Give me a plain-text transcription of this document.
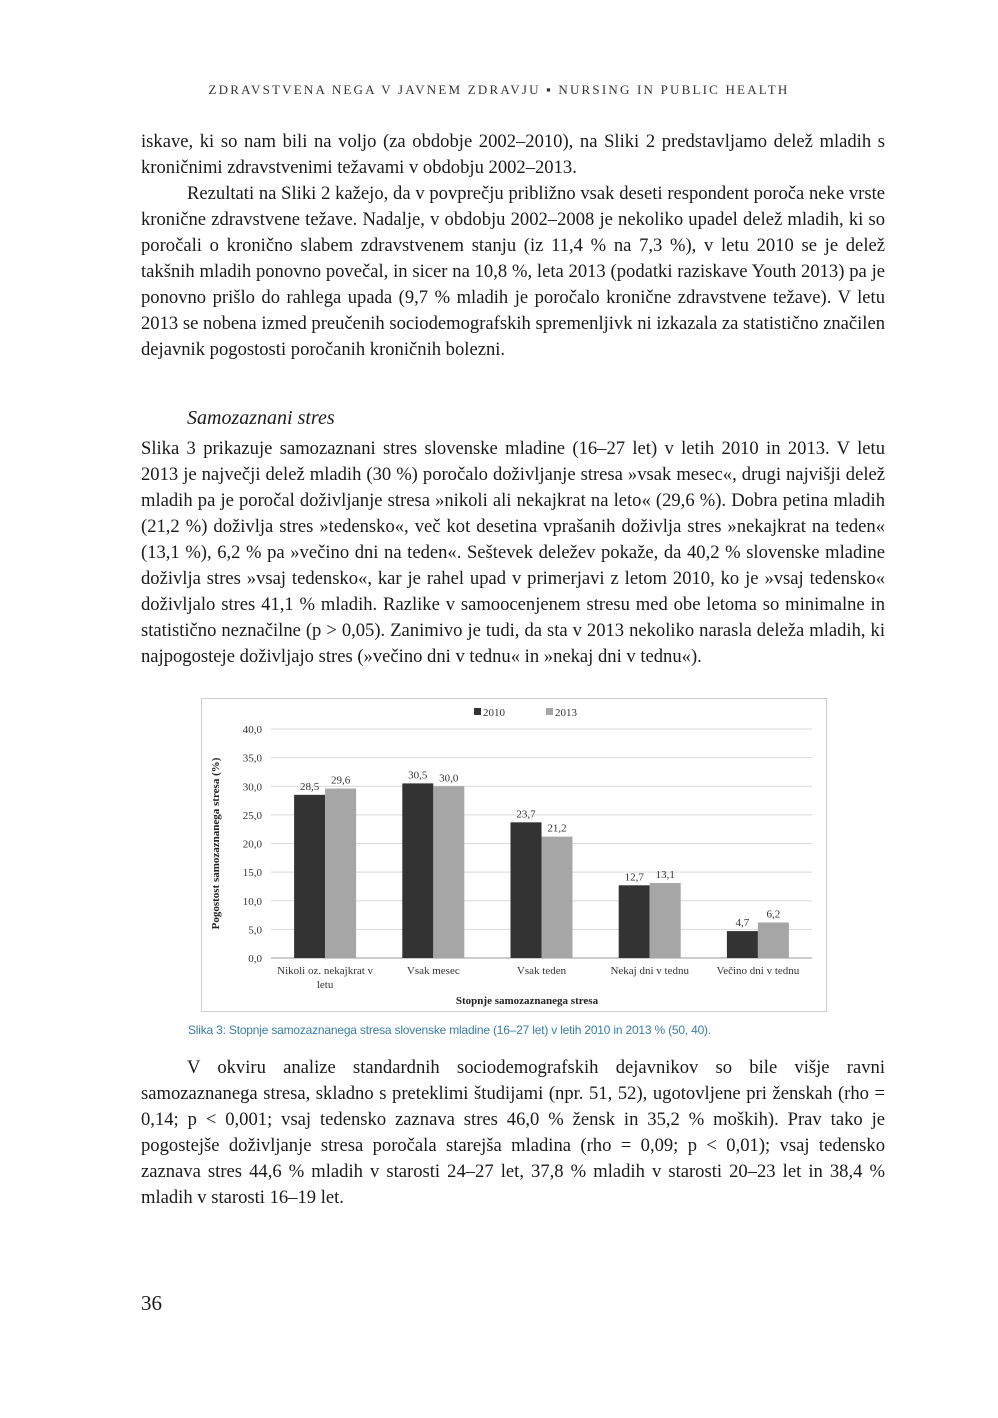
ZDRAVSTVENA NEGA V JAVNEM ZDRAVJU ▪ NURSING IN PUBLIC HEALTH

iskave, ki so nam bili na voljo (za obdobje 2002–2010), na Sliki 2 predstavljamo delež mladih s kroničnimi zdravstvenimi težavami v obdobju 2002–2013.

Rezultati na Sliki 2 kažejo, da v povprečju približno vsak deseti respondent poroča neke vrste kronične zdravstvene težave. Nadalje, v obdobju 2002–2008 je nekoliko upadel delež mladih, ki so poročali o kronično slabem zdravstvenem stanju (iz 11,4 % na 7,3 %), v letu 2010 se je delež takšnih mladih ponovno povečal, in sicer na 10,8 %, leta 2013 (podatki raziskave Youth 2013) pa je ponovno prišlo do rahlega upada (9,7 % mladih je poročalo kronične zdravstvene težave). V letu 2013 se nobena izmed preučenih sociodemografskih spremenljivk ni izkazala za statistično značilen dejavnik pogostosti poročanih kroničnih bolezni.

Samozaznani stres

Slika 3 prikazuje samozaznani stres slovenske mladine (16–27 let) v letih 2010 in 2013. V letu 2013 je največji delež mladih (30 %) poročalo doživljanje stresa »vsak mesec«, drugi najvišji delež mladih pa je poročal doživljanje stresa »nikoli ali nekajkrat na leto« (29,6 %). Dobra petina mladih (21,2 %) doživlja stres »tedensko«, več kot desetina vprašanih doživlja stres »nekajkrat na teden« (13,1 %), 6,2 % pa »večino dni na teden«. Seštevek deležev pokaže, da 40,2 % slovenske mladine doživlja stres »vsaj tedensko«, kar je rahel upad v primerjavi z letom 2010, ko je »vsaj tedensko« doživljalo stres 41,1 % mladih. Razlike v samoocenjenem stresu med obe letoma so minimalne in statistično neznačilne (p > 0,05). Zanimivo je tudi, da sta v 2013 nekoliko narasla deleža mladih, ki najpogosteje doživljajo stres (»večino dni v tednu« in »nekaj dni v tednu«).

0,0
5,0
10,0
15,0
20,0
25,0
30,0
35,0
40,0
28,5
29,6
Nikoli oz. nekajkrat v
letu
30,5 30,0
Vsak mesec
23,7
21,2
Vsak teden
12,7 13,1
Nekaj dni v tednu
4,7
6,2
Večino dni v tednu
Stopnje samozaznanega stresa
Pogostost samozaznanega stresa (%)
2010	2013

Slika 3: Stopnje samozaznanega stresa slovenske mladine (16–27 let) v letih 2010 in 2013 % (50, 40).

V okviru analize standardnih sociodemografskih dejavnikov so bile višje ravni samozaznanega stresa, skladno s preteklimi študijami (npr. 51, 52), ugotovljene pri ženskah (rho = 0,14; p < 0,001; vsaj tedensko zaznava stres 46,0 % žensk in 35,2 % moških). Prav tako je pogostejše doživljanje stresa poročala starejša mladina (rho = 0,09; p < 0,01); vsaj tedensko zaznava stres 44,6 % mladih v starosti 24–27 let, 37,8 % mladih v starosti 20–23 let in 38,4 % mladih v starosti 16–19 let.

36
